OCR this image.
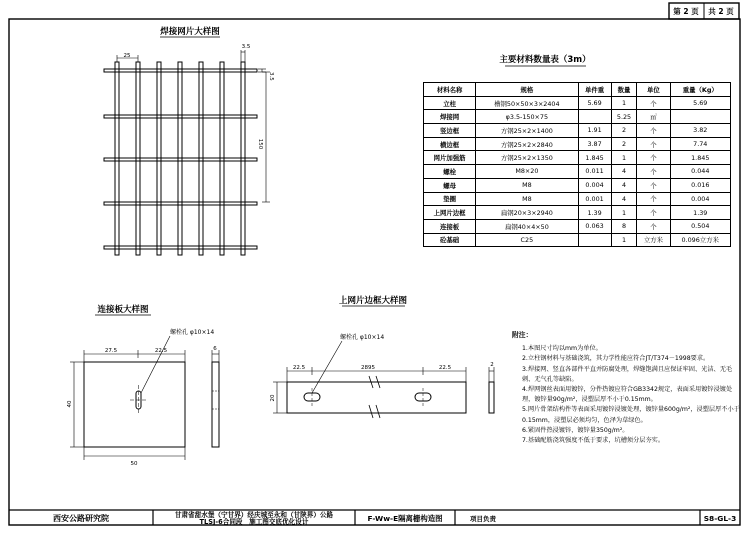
第 2 页 共 2 页
焊接网片大样图
25
3.5
3.5
150
连接板大样图
27.5	22.5	6
40
50
螺栓孔 φ10×14
上网片边框大样图
22.5	2895	22.5
20
2
螺栓孔 φ10×14
主要材料数量表（3m）
西安公路研究院	甘肃省甜水堡（宁甘界）经庆城至永和（甘陕界）公路
TLSJ-6合同段　施工图交底优化设计	F-Ww-E隔离栅构造图	项目负责	S8-GL-3
材料名称	规格	单件重	数量	单位	重量（Kg）
立柱	槽钢50×50×3×2404	5.69	1	个	5.69
焊接网	φ3.5-150×75		5.25	㎡	
竖边框	方钢25×2×1400	1.91	2	个	3.82
横边框	方钢25×2×2840	3.87	2	个	7.74
网片加强筋	方钢25×2×1350	1.845	1	个	1.845
螺栓	M8×20	0.011	4	个	0.044
螺母	M8	0.004	4	个	0.016
垫圈	M8	0.001	4	个	0.004
上网片边框	扁钢20×3×2940	1.39	1	个	1.39
连接板	扁钢40×4×50	0.063	8	个	0.504
砼基础	C25		1	立方米	0.096立方米
附注：
1.本图尺寸均以mm为单位。
2.立柱钢材料与基础浇筑，其力学性能应符合JT/T374－1998要求。
3.焊接网、竖直各部件平直并防腐处理，焊缝饱满且应保证牢固、光洁、无毛刺、无气孔等缺陷。
4.焊网钢丝表面用镀锌，分件热镀应符合GB3342规定，表面采用镀锌浸镀处理，镀锌量90g/m²，浸塑层厚不小于0.15mm。
5.网片骨架结构件等表面采用镀锌浸镀处理，镀锌量600g/m²，浸塑层厚不小于0.15mm，浸塑层必须均匀，色泽为草绿色。
6.紧固件热浸镀锌，镀锌量350g/m²。
7.基础配筋浇筑强度不低于要求，坑槽须分层夯实。
